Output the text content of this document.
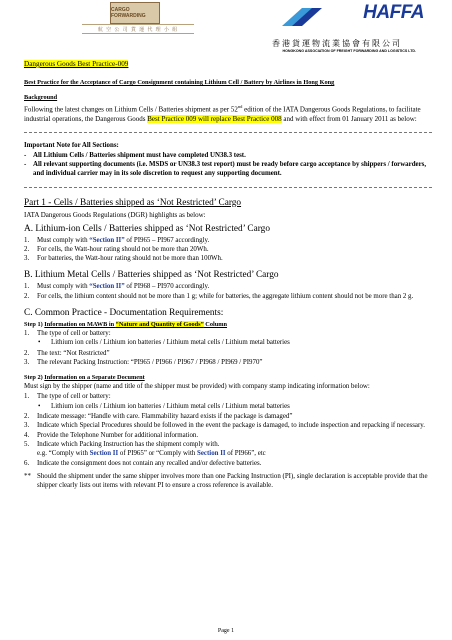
CARGO FORWARDING
航 空 公 司 貨 運 代 理 小 組
HAFFA
香港貨運物流業協會有限公司
HONGKONG ASSOCIATION OF FREIGHT FORWARDING AND LOGISTICS LTD.
Dangerous Goods Best Practice-009
Best Practice for the Acceptance of Cargo Consignment containing Lithium Cell / Battery by Airlines in Hong Kong
Background

Following the latest changes on Lithium Cells / Batteries shipment as per 52nd edition of the IATA Dangerous Goods Regulations, to facilitate industrial operations, the Dangerous Goods Best Practice 009 will replace Best Practice 008 and with effect from 01 January 2011 as below:

Important Note for All Sections:
- All Lithium Cells / Batteries shipment must have completed UN38.3 test.
- All relevant supporting documents (i.e. MSDS or UN38.3 test report) must be ready before cargo acceptance by shippers / forwarders, and individual carrier may in its sole discretion to request any supporting document.
Part 1 - Cells / Batteries shipped as ‘Not Restricted’ Cargo

IATA Dangerous Goods Regulations (DGR) highlights as below:

A. Lithium-ion Cells / Batteries shipped as ‘Not Restricted’ Cargo
1.	Must comply with “Section II” of PI965 – PI967 accordingly.
2.	For cells, the Watt-hour rating should not be more than 20Wh.
3.	For batteries, the Watt-hour rating should not be more than 100Wh.
B. Lithium Metal Cells / Batteries shipped as ‘Not Restricted’ Cargo
1.	Must comply with “Section II” of PI968 – PI970 accordingly.
2.	For cells, the lithium content should not be more than 1 g; while for batteries, the aggregate lithium content should not be more than 2 g.
C. Common Practice - Documentation Requirements:
Step 1) Information on MAWB in “Nature and Quantity of Goods” Column
1.	The type of cell or battery:
•	Lithium ion cells / Lithium ion batteries / Lithium metal cells / Lithium metal batteries
2.	The text: “Not Restricted”
3.	The relevant Packing Instruction: “PI965 / PI966 / PI967 / PI968 / PI969 / PI970”
Step 2) Information on a Separate Document

Must sign by the shipper (name and title of the shipper must be provided) with company stamp indicating information below:

1.	The type of cell or battery:
•	Lithium ion cells / Lithium ion batteries / Lithium metal cells / Lithium metal batteries
2.	Indicate message: “Handle with care. Flammability hazard exists if the package is damaged”
3.	Indicate which Special Procedures should be followed in the event the package is damaged, to include inspection and repacking if necessary.
4.	Provide the Telephone Number for additional information.
5.	Indicate which Packing Instruction has the shipment comply with.
e.g. “Comply with Section II of PI965” or “Comply with Section II of PI966”, etc
6.	Indicate the consignment does not contain any recalled and/or defective batteries.
** Should the shipment under the same shipper involves more than one Packing Instruction (PI), single declaration is acceptable provide that the shipper clearly lists out items with relevant PI to ensure a cross reference is available.
Page 1
